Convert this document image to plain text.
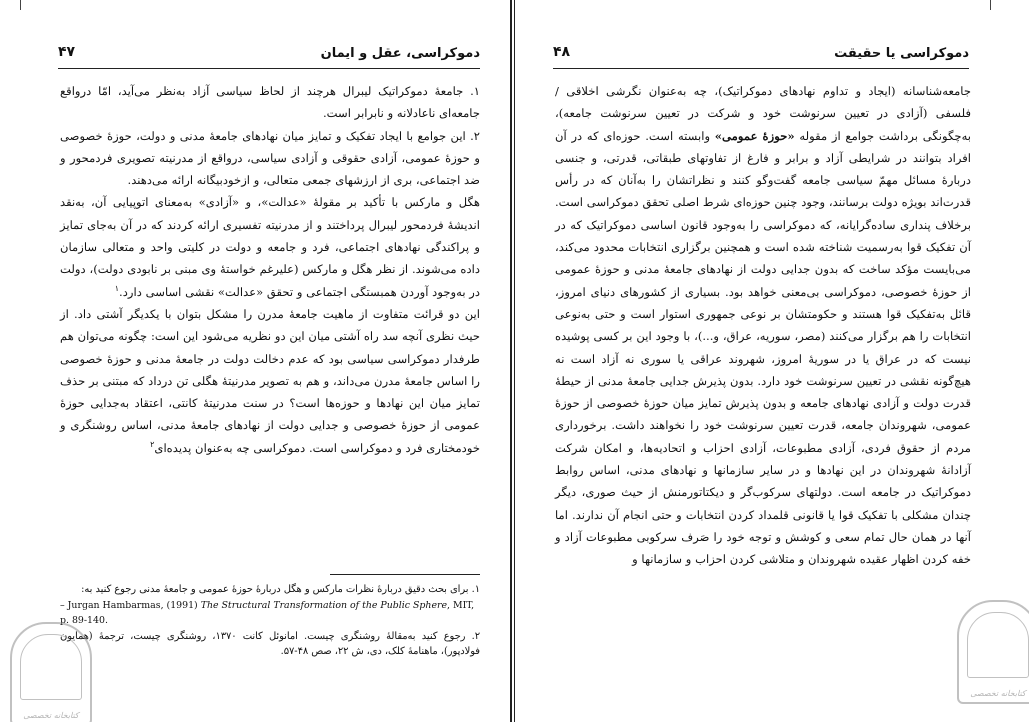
دموکراسی، عقل و ایمان
۴۷

۱. جامعهٔ دموکراتیک لیبرال هرچند از لحاظ سیاسی آزاد به‌نظر می‌آید، امّا درواقع جامعه‌ای ناعادلانه و نابرابر است.

۲. این جوامع با ایجاد تفکیک و تمایز میان نهادهای جامعهٔ مدنی و دولت، حوزهٔ خصوصی و حوزهٔ عمومی، آزادی حقوقی و آزادی سیاسی، درواقع از مدرنیته تصویری فردمحور و ضد اجتماعی، بری از ارزشهای جمعی متعالی، و ازخودبیگانه ارائه می‌دهند.

هگل و مارکس با تأکید بر مقولهٔ «عدالت»، و «آزادی» به‌معنای اتوپیایی آن، به‌نقد اندیشهٔ فردمحور لیبرال پرداختند و از مدرنیته تفسیری ارائه کردند که در آن به‌جای تمایز و پراکندگی نهادهای اجتماعی، فرد و جامعه و دولت در کلیتی واحد و متعالی سازمان داده می‌شوند. از نظر هگل و مارکس (علیرغم خواستهٔ وی مبنی بر نابودی دولت)، دولت در به‌وجود آوردن همبستگی اجتماعی و تحقق «عدالت» نقشی اساسی دارد.$^۱$

این دو قرائت متفاوت از ماهیت جامعهٔ مدرن را مشکل بتوان با یکدیگر آشتی داد. از حیث نظری آنچه سد راه آشتی میان این دو نظریه می‌شود این است: چگونه می‌توان هم طرفدار دموکراسی سیاسی بود که عدم دخالت دولت در جامعهٔ مدنی و حوزهٔ خصوصی را اساس جامعهٔ مدرن می‌داند، و هم به تصویر مدرنیتهٔ هگلی تن درداد که مبتنی بر حذف تمایز میان این نهادها و حوزه‌ها است؟ در سنت مدرنیتهٔ کانتی، اعتقاد به‌جدایی حوزهٔ عمومی از حوزهٔ خصوصی و جدایی دولت از نهادهای جامعهٔ مدنی، اساس روشنگری و خودمختاری فرد و دموکراسی است. دموکراسی چه به‌عنوان پدیده‌ای$^۲$

۱. برای بحث دقیق دربارهٔ نظرات مارکس و هگل دربارهٔ حوزهٔ عمومی و جامعهٔ مدنی رجوع کنید به:

– Jurgan Hambarmas, (1991) The Structural Transformation of the Public Sphere, MIT, p. 89-140.

۲. رجوع کنید به‌مقالهٔ روشنگری چیست. امانوئل کانت ۱۳۷۰، روشنگری چیست، ترجمهٔ (همایون فولادپور)، ماهنامهٔ کلک، دی، ش ۲۲، صص ۴۸-۵۷.

کتابخانه تخصصی
دموکراسی یا حقیقت
۴۸

جامعه‌شناسانه (ایجاد و تداوم نهادهای دموکراتیک)، چه به‌عنوان نگرشی اخلاقی / فلسفی (آزادی در تعیین سرنوشت خود و شرکت در تعیین سرنوشت جامعه)، به‌چگونگی برداشت جوامع از مقوله «حوزهٔ عمومی» وابسته است. حوزه‌ای که در آن افراد بتوانند در شرایطی آزاد و برابر و فارغ از تفاوتهای طبقاتی، قدرتی، و جنسی دربارهٔ مسائل مهمّ سیاسی جامعه گفت‌وگو کنند و نظراتشان را به‌آنان که در رأس قدرت‌اند بویژه دولت برسانند، وجود چنین حوزه‌ای شرط اصلی تحقق دموکراسی است. برخلاف پنداری ساده‌گرایانه، که دموکراسی را به‌وجود قانون اساسی دموکراتیک که در آن تفکیک قوا به‌رسمیت شناخته شده است و همچنین برگزاری انتخابات محدود می‌کند، می‌بایست مؤکد ساخت که بدون جدایی دولت از نهادهای جامعهٔ مدنی و حوزهٔ عمومی از حوزهٔ خصوصی، دموکراسی بی‌معنی خواهد بود. بسیاری از کشورهای دنیای امروز، قائل به‌تفکیک قوا هستند و حکومتشان بر نوعی جمهوری استوار است و حتی به‌نوعی انتخابات را هم برگزار می‌کنند (مصر، سوریه، عراق، و...)، با وجود این بر کسی پوشیده نیست که در عراق یا در سوریهٔ امروز، شهروند عراقی یا سوری نه آزاد است نه هیچ‌گونه نقشی در تعیین سرنوشت خود دارد. بدون پذیرش جدایی جامعهٔ مدنی از حیطهٔ قدرت دولت و آزادی نهادهای جامعه و بدون پذیرش تمایز میان حوزهٔ خصوصی از حوزهٔ عمومی، شهروندان جامعه، قدرت تعیین سرنوشت خود را نخواهند داشت. برخورداری مردم از حقوق فردی، آزادی مطبوعات، آزادی احزاب و اتحادیه‌ها، و امکان شرکت آزادانهٔ شهروندان در این نهادها و در سایر سازمانها و نهادهای مدنی، اساس روابط دموکراتیک در جامعه است. دولتهای سرکوب‌گر و دیکتاتورمنش از حیث صوری، دیگر چندان مشکلی با تفکیک قوا یا قانونی قلمداد کردن انتخابات و حتی انجام آن ندارند. اما آنها در همان حال تمام سعی و کوشش و توجه خود را صَرف سرکوبی مطبوعات آزاد و خفه کردن اظهار عقیده شهروندان و متلاشی کردن احزاب و سازمانها و

کتابخانه تخصصی
